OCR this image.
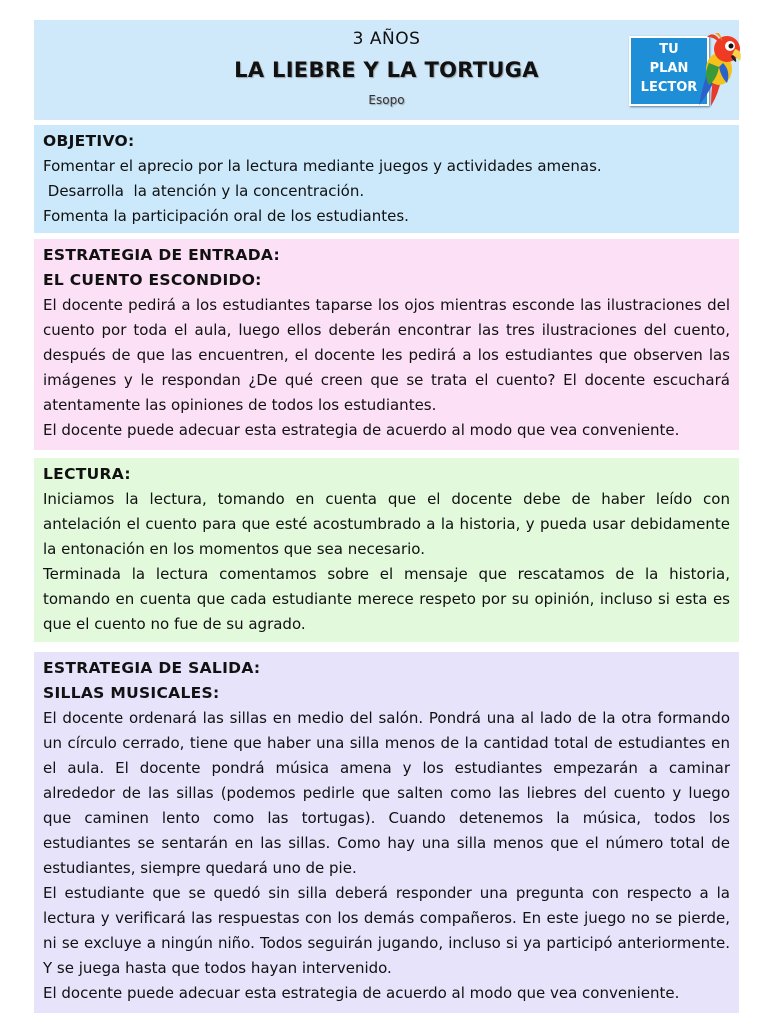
3 AÑOS
LA LIEBRE Y LA TORTUGA
Esopo
TU
PLAN
LECTOR
OBJETIVO:
Fomentar el aprecio por la lectura mediante juegos y actividades amenas.
Desarrolla  la atención y la concentración.
Fomenta la participación oral de los estudiantes.
ESTRATEGIA DE ENTRADA:
EL CUENTO ESCONDIDO:
El docente pedirá a los estudiantes taparse los ojos mientras esconde las ilustraciones del cuento por toda el aula, luego ellos deberán encontrar las tres ilustraciones del cuento, después de que las encuentren, el docente les pedirá a los estudiantes que observen las imágenes y le respondan ¿De qué creen que se trata el cuento? El docente escuchará atentamente las opiniones de todos los estudiantes.
El docente puede adecuar esta estrategia de acuerdo al modo que vea conveniente.
LECTURA:
Iniciamos la lectura, tomando en cuenta que el docente debe de haber leído con antelación el cuento para que esté acostumbrado a la historia, y pueda usar debidamente la entonación en los momentos que sea necesario.
Terminada la lectura comentamos sobre el mensaje que rescatamos de la historia, tomando en cuenta que cada estudiante merece respeto por su opinión, incluso si esta es que el cuento no fue de su agrado.
ESTRATEGIA DE SALIDA:
SILLAS MUSICALES:
El docente ordenará las sillas en medio del salón. Pondrá una al lado de la otra formando un círculo cerrado, tiene que haber una silla menos de la cantidad total de estudiantes en el aula. El docente pondrá música amena y los estudiantes empezarán a caminar alrededor de las sillas (podemos pedirle que salten como las liebres del cuento y luego que caminen lento como las tortugas). Cuando detenemos la música, todos los estudiantes se sentarán en las sillas. Como hay una silla menos que el número total de estudiantes, siempre quedará uno de pie.
El estudiante que se quedó sin silla deberá responder una pregunta con respecto a la lectura y verificará las respuestas con los demás compañeros. En este juego no se pierde, ni se excluye a ningún niño. Todos seguirán jugando, incluso si ya participó anteriormente. Y se juega hasta que todos hayan intervenido.
El docente puede adecuar esta estrategia de acuerdo al modo que vea conveniente.
